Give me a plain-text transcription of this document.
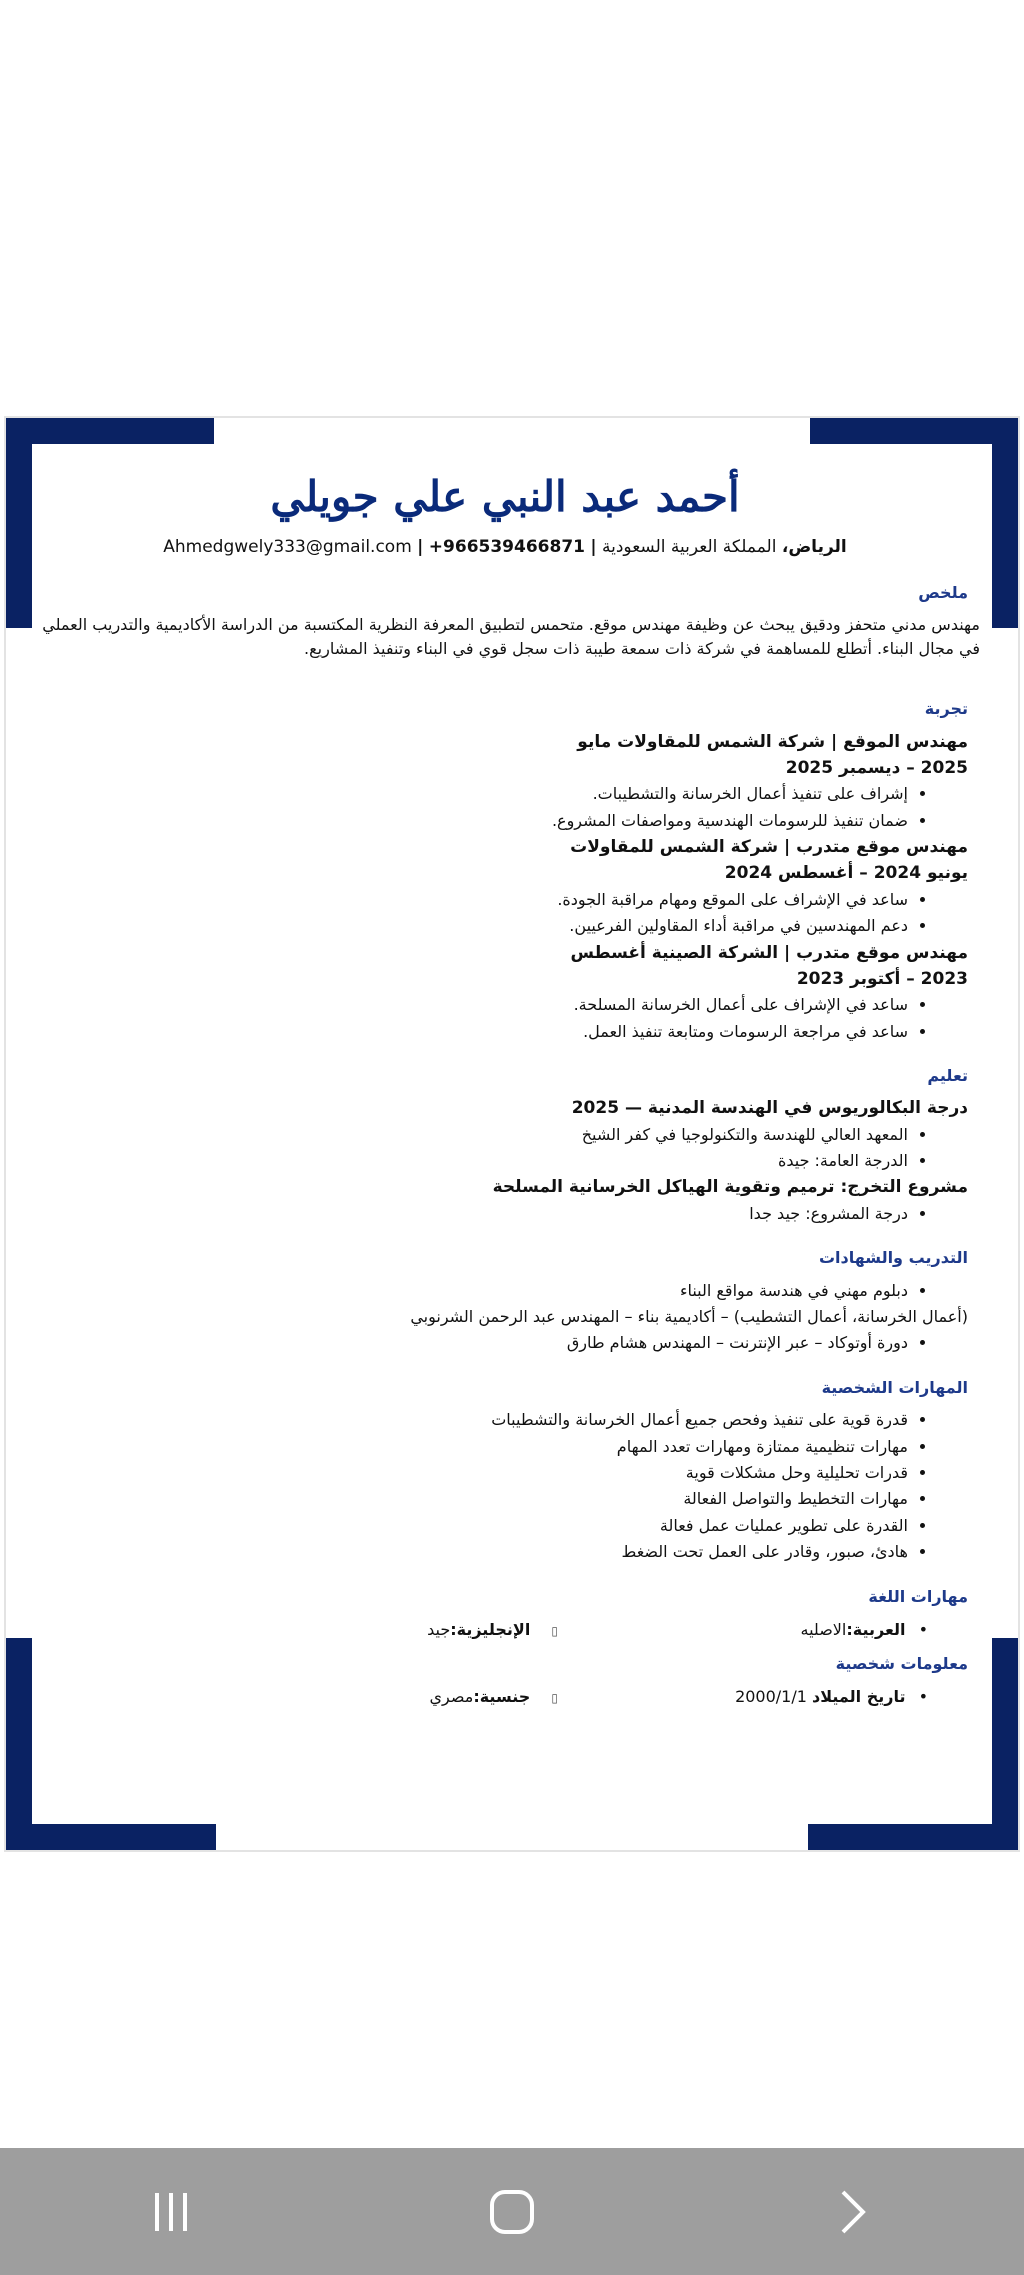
أحمد عبد النبي علي جويلي
الرياض، المملكة العربية السعودية | Ahmedgwely333@gmail.com | +966539466871
ملخص
مهندس مدني متحفز ودقيق يبحث عن وظيفة مهندس موقع. متحمس لتطبيق المعرفة النظرية المكتسبة من الدراسة الأكاديمية والتدريب العملي في مجال البناء. أتطلع للمساهمة في شركة ذات سمعة طيبة ذات سجل قوي في البناء وتنفيذ المشاريع.
تجربة
مهندس الموقع | شركة الشمس للمقاولات مايو 2025 – ديسمبر 2025
• إشراف على تنفيذ أعمال الخرسانة والتشطيبات.
• ضمان تنفيذ للرسومات الهندسية ومواصفات المشروع.
مهندس موقع متدرب | شركة الشمس للمقاولات يونيو 2024 – أغسطس 2024
• ساعد في الإشراف على الموقع ومهام مراقبة الجودة.
• دعم المهندسين في مراقبة أداء المقاولين الفرعيين.
مهندس موقع متدرب | الشركة الصينية أغسطس 2023 – أكتوبر 2023
• ساعد في الإشراف على أعمال الخرسانة المسلحة.
• ساعد في مراجعة الرسومات ومتابعة تنفيذ العمل.
تعليم
درجة البكالوريوس في الهندسة المدنية — 2025
• المعهد العالي للهندسة والتكنولوجيا في كفر الشيخ
• الدرجة العامة: جيدة
مشروع التخرج: ترميم وتقوية الهياكل الخرسانية المسلحة
• درجة المشروع: جيد جدا
التدريب والشهادات
• دبلوم مهني في هندسة مواقع البناء
(أعمال الخرسانة، أعمال التشطيب) – أكاديمية بناء – المهندس عبد الرحمن الشرنوبي
• دورة أوتوكاد – عبر الإنترنت – المهندس هشام طارق
المهارات الشخصية
• قدرة قوية على تنفيذ وفحص جميع أعمال الخرسانة والتشطيبات
• مهارات تنظيمية ممتازة ومهارات تعدد المهام
• قدرات تحليلية وحل مشكلات قوية
• مهارات التخطيط والتواصل الفعالة
• القدرة على تطوير عمليات عمل فعالة
• هادئ، صبور، وقادر على العمل تحت الضغط
مهارات اللغة
• العربية:الاصليه
▯ الإنجليزية:جيد
معلومات شخصية
• تاريخ الميلاد 2000/1/1
▯ جنسية:مصري
